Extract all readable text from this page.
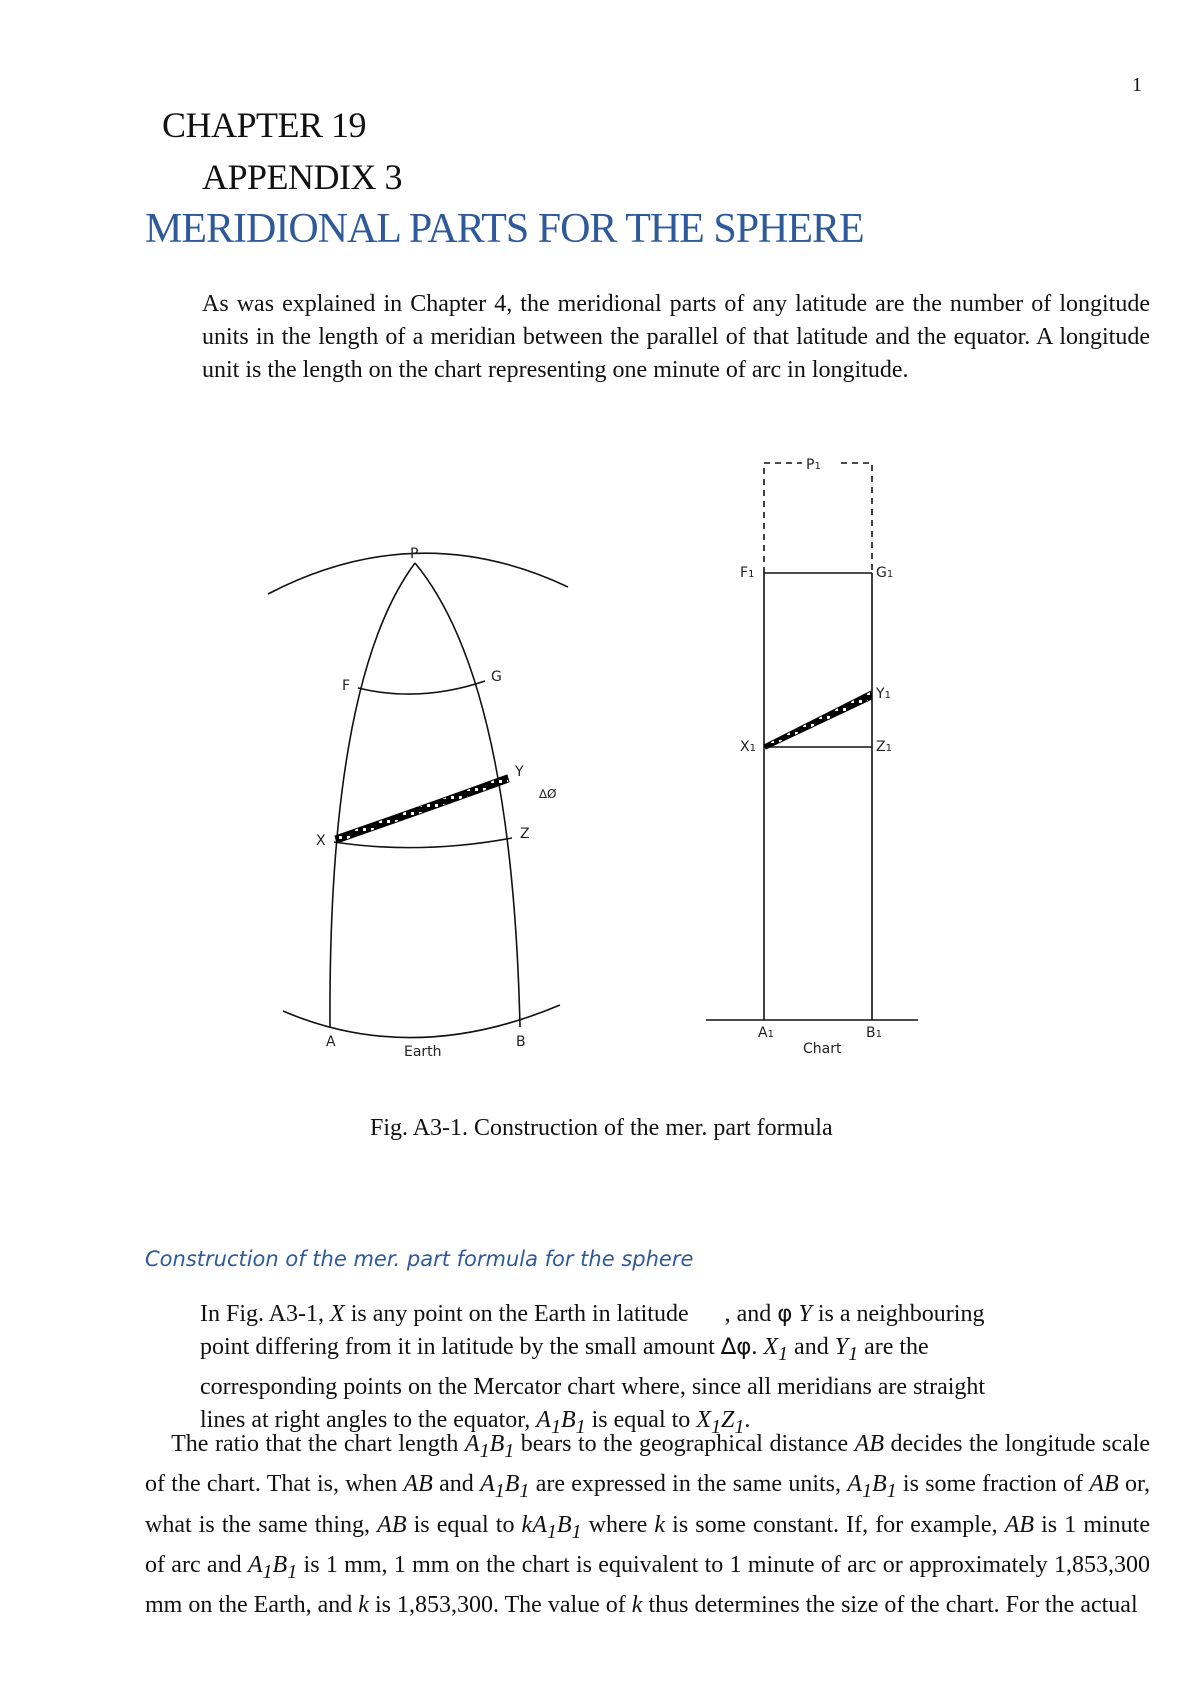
1
CHAPTER 19
APPENDIX 3
MERIDIONAL PARTS FOR THE SPHERE

As was explained in Chapter 4, the meridional parts of any latitude are the number of longitude units in the length of a meridian between the parallel of that latitude and the equator. A longitude unit is the length on the chart representing one minute of arc in longitude.

P
F
G
Y
∆Ø
X	Z
A	B
Earth
P1
F1	G1
Y1
X1	Z1
A1	B1
Chart
Fig. A3-1. Construction of the mer. part formula
Construction of the mer. part formula for the sphere
In Fig. A3-1, X is any point on the Earth in latitude , and φ Y is a neighbouring
point differing from it in latitude by the small amount ∆φ. $X_1$ and $Y_1$ are the
corresponding points on the Mercator chart where, since all meridians are straight
lines at right angles to the equator, $A_1B_1$ is equal to $X_1Z_1$.

The ratio that the chart length $A_1B_1$ bears to the geographical distance AB decides the longitude scale of the chart. That is, when AB and $A_1B_1$ are expressed in the same units, $A_1B_1$ is some fraction of AB or, what is the same thing, AB is equal to $kA_1B_1$ where k is some constant. If, for example, AB is 1 minute of arc and $A_1B_1$ is 1 mm, 1 mm on the chart is equivalent to 1 minute of arc or approximately 1,853,300 mm on the Earth, and k is 1,853,300. The value of k thus determines the size of the chart. For the actual
